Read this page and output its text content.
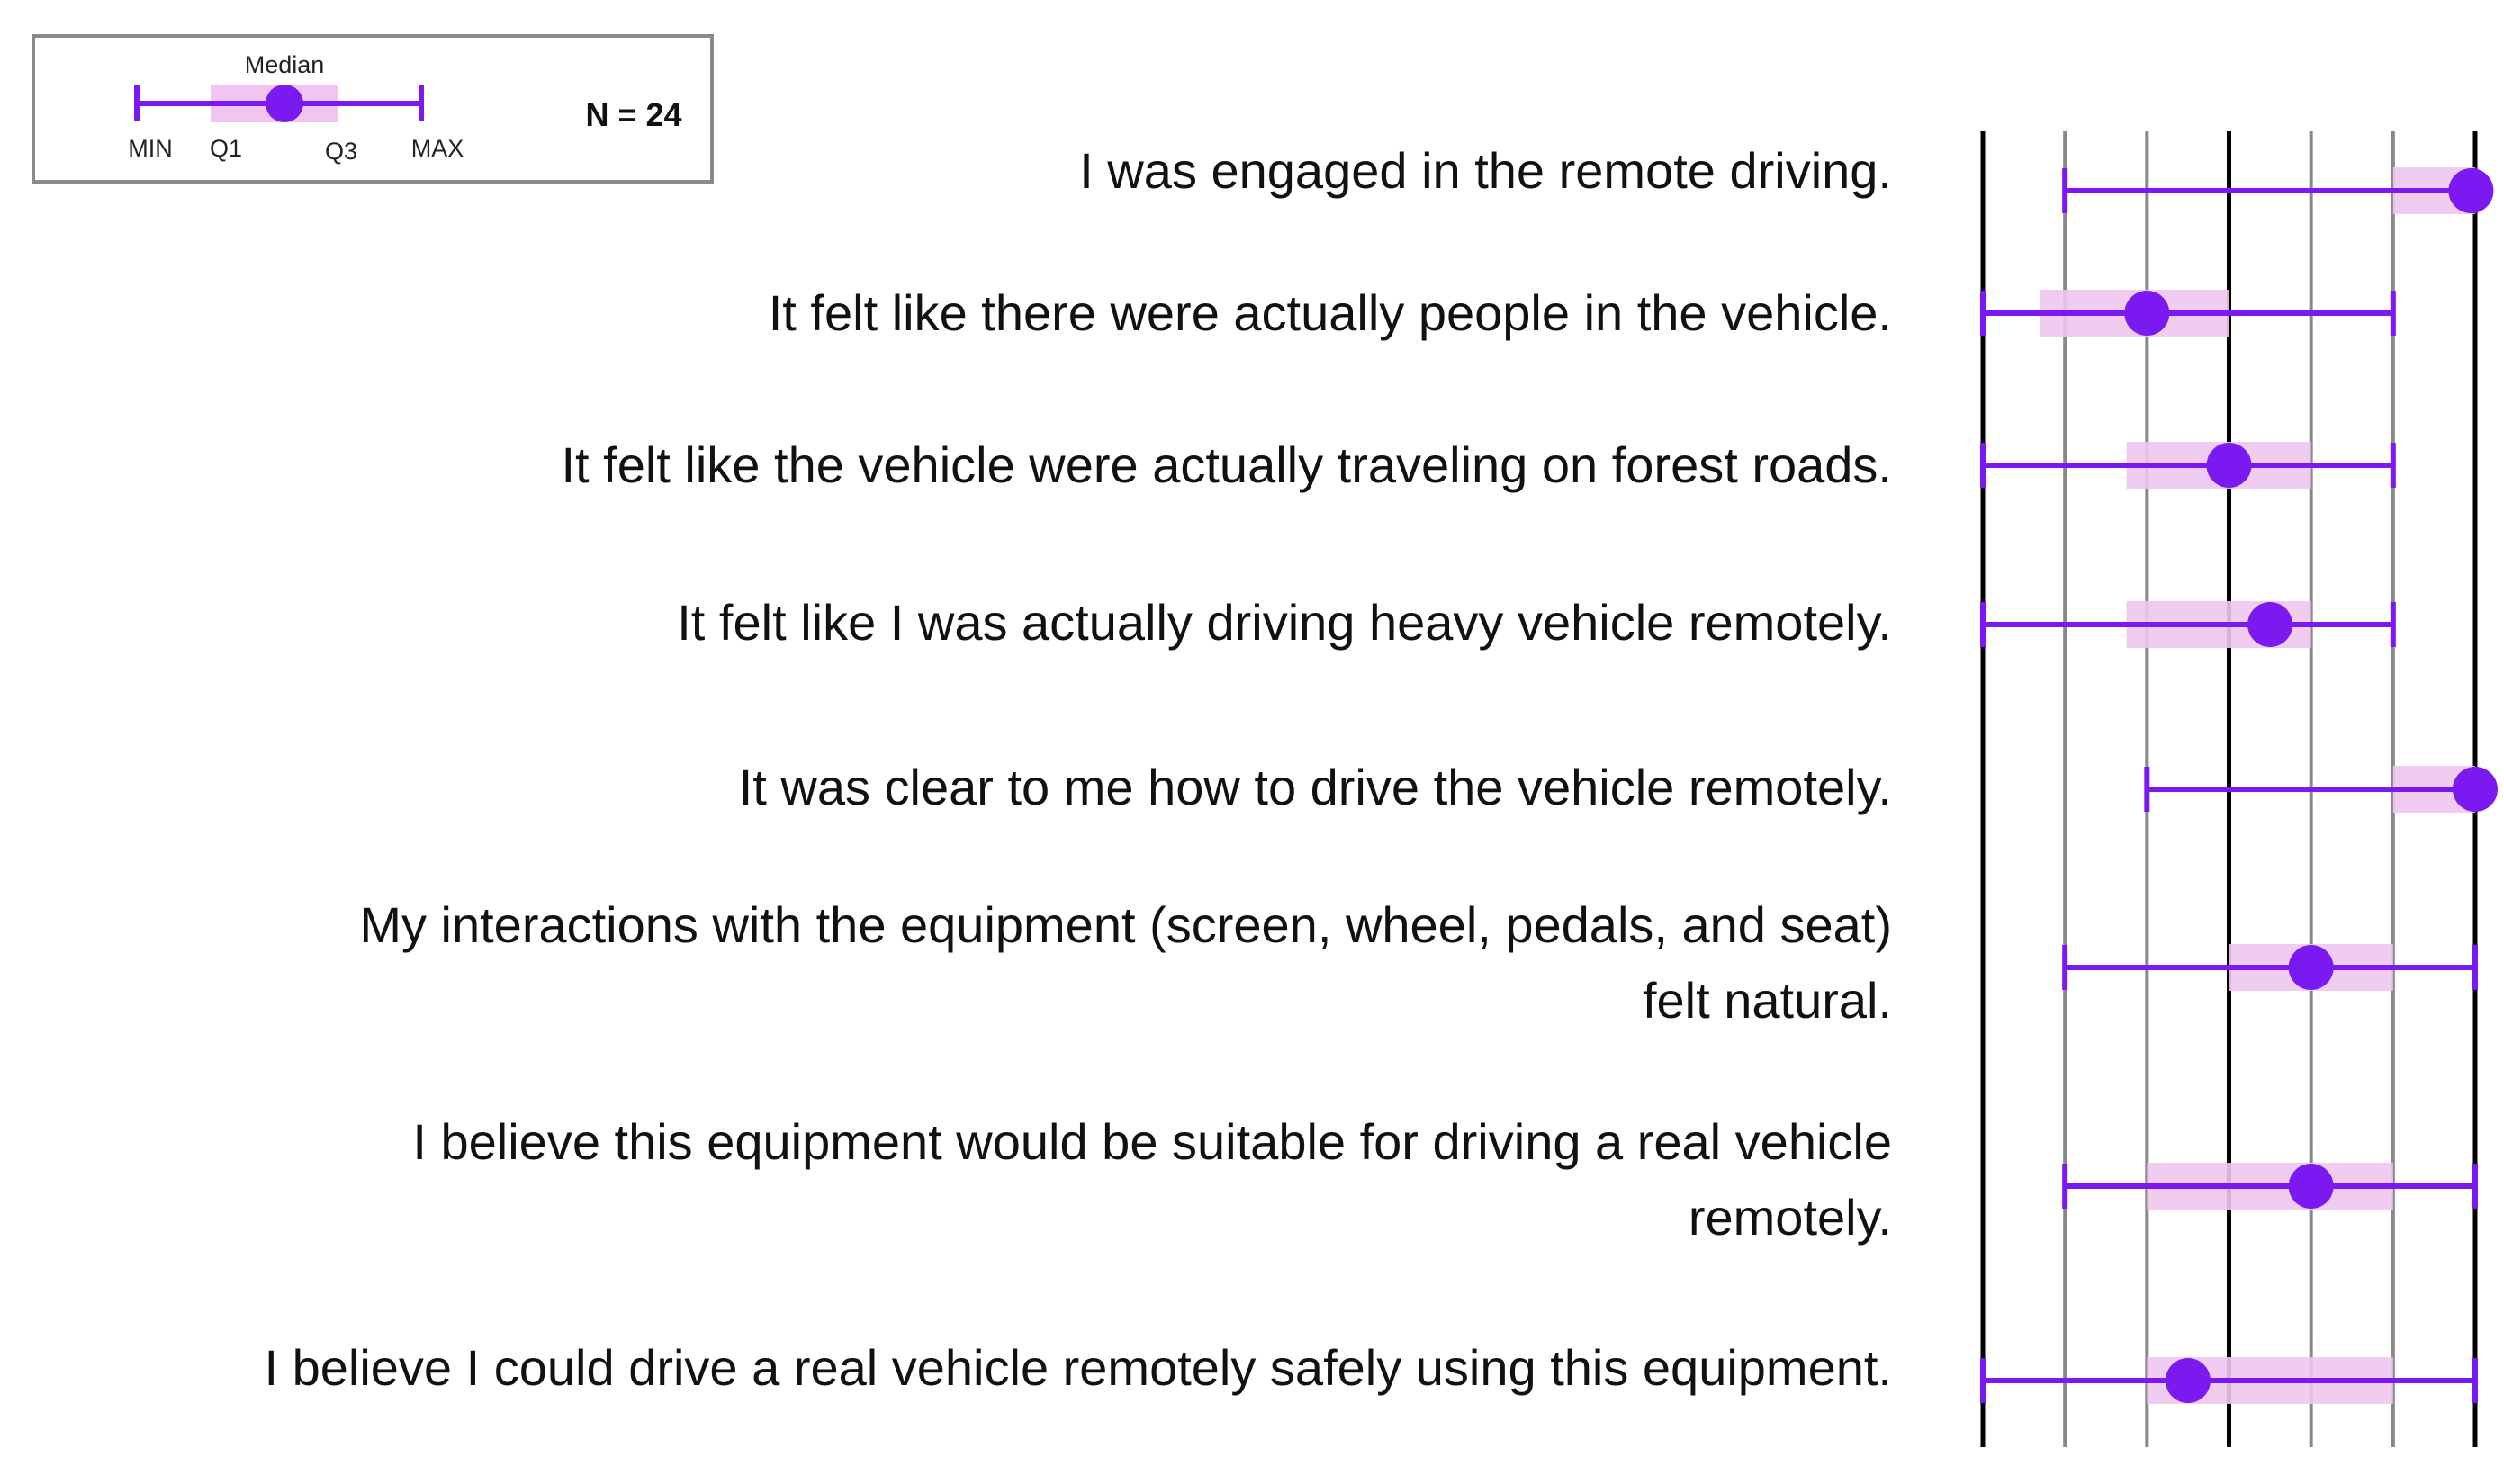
Median
MIN Q1	Q3 MAX
N = 24
I was engaged in the remote driving.
It felt like there were actually people in the vehicle.
It felt like the vehicle were actually traveling on forest roads.
It felt like I was actually driving heavy vehicle remotely.
It was clear to me how to drive the vehicle remotely.
My interactions with the equipment (screen, wheel, pedals, and seat)
felt natural.
I believe this equipment would be suitable for driving a real vehicle
remotely.
I believe I could drive a real vehicle remotely safely using this equipment.
